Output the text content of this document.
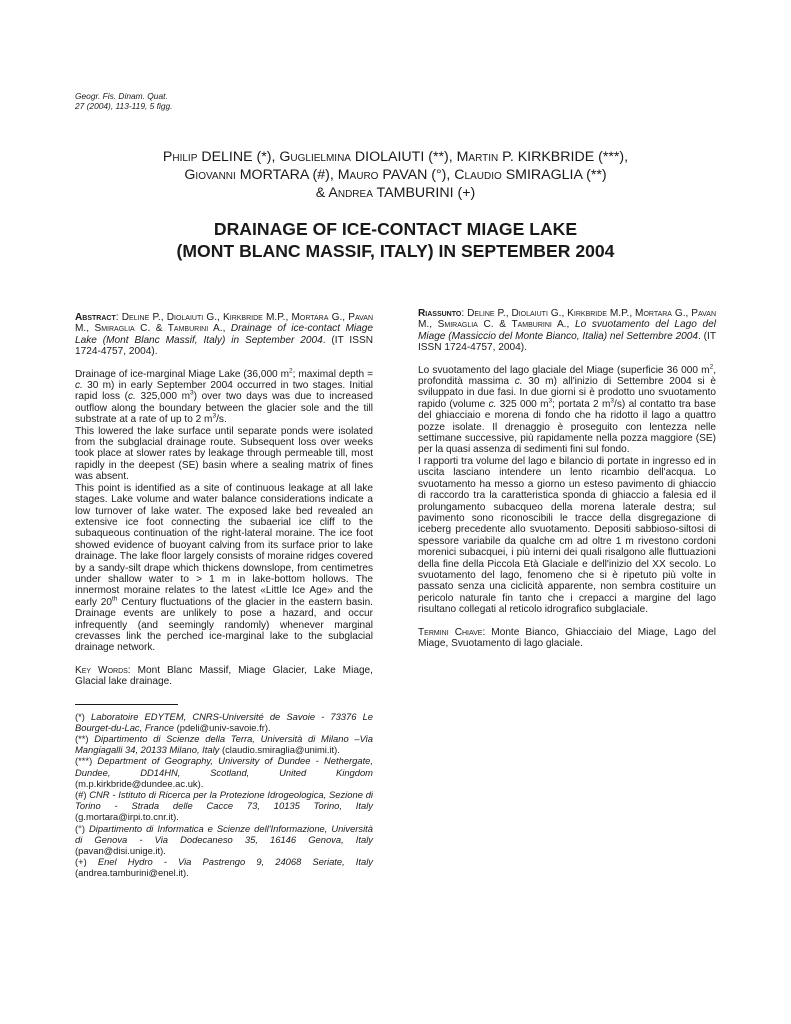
Geogr. Fis. Dinam. Quat.
27 (2004), 113-119, 5 figg.
Philip DELINE (*), Guglielmina DIOLAIUTI (**), Martin P. KIRKBRIDE (***),
Giovanni MORTARA (#), Mauro PAVAN (°), Claudio SMIRAGLIA (**)
& Andrea TAMBURINI (+)
DRAINAGE OF ICE-CONTACT MIAGE LAKE
(MONT BLANC MASSIF, ITALY) IN SEPTEMBER 2004

Abstract: Deline P., Diolaiuti G., Kirkbride M.P., Mortara G., Pavan M., Smiraglia C. & Tamburini A., Drainage of ice-contact Miage Lake (Mont Blanc Massif, Italy) in September 2004. (IT ISSN 1724-4757, 2004).

Drainage of ice-marginal Miage Lake (36,000 $m^2$; maximal depth = c. 30 m) in early September 2004 occurred in two stages. Initial rapid loss (c. 325,000 $m^3$) over two days was due to increased outflow along the boundary between the glacier sole and the till substrate at a rate of up to 2 $m^3/s$.

This lowered the lake surface until separate ponds were isolated from the subglacial drainage route. Subsequent loss over weeks took place at slower rates by leakage through permeable till, most rapidly in the deepest (SE) basin where a sealing matrix of fines was absent.

This point is identified as a site of continuous leakage at all lake stages. Lake volume and water balance considerations indicate a low turnover of lake water. The exposed lake bed revealed an extensive ice foot connecting the subaerial ice cliff to the subaqueous continuation of the right-lateral moraine. The ice foot showed evidence of buoyant calving from its surface prior to lake drainage. The lake floor largely consists of moraine ridges covered by a sandy-silt drape which thickens downslope, from centimetres under shallow water to > 1 m in lake-bottom hollows. The innermost moraine relates to the latest «Little Ice Age» and the early 20th Century fluctuations of the glacier in the eastern basin. Drainage events are unlikely to pose a hazard, and occur infrequently (and seemingly randomly) whenever marginal crevasses link the perched ice-marginal lake to the subglacial drainage network.

Key Words: Mont Blanc Massif, Miage Glacier, Lake Miage, Glacial lake drainage.

(*) Laboratoire EDYTEM, CNRS-Université de Savoie - 73376 Le Bourget-du-Lac, France (pdeli@univ-savoie.fr).

(**) Dipartimento di Scienze della Terra, Università di Milano –Via Mangiagalli 34, 20133 Milano, Italy (claudio.smiraglia@unimi.it).

(***) Department of Geography, University of Dundee - Nethergate, Dundee, DD14HN, Scotland, United Kingdom (m.p.kirkbride@dundee.ac.uk).

(#) CNR - Istituto di Ricerca per la Protezione Idrogeologica, Sezione di Torino - Strada delle Cacce 73, 10135 Torino, Italy (g.mortara@irpi.to.cnr.it).

(°) Dipartimento di Informatica e Scienze dell'Informazione, Università di Genova - Via Dodecaneso 35, 16146 Genova, Italy (pavan@disi.unige.it).

(+) Enel Hydro - Via Pastrengo 9, 24068 Seriate, Italy (andrea.tamburini@enel.it).

Riassunto: Deline P., Diolaiuti G., Kirkbride M.P., Mortara G., Pavan M., Smiraglia C. & Tamburini A., Lo svuotamento del Lago del Miage (Massiccio del Monte Bianco, Italia) nel Settembre 2004. (IT ISSN 1724-4757, 2004).

Lo svuotamento del lago glaciale del Miage (superficie 36 000 $m^2$, profondità massima c. 30 m) all'inizio di Settembre 2004 si è sviluppato in due fasi. In due giorni si è prodotto uno svuotamento rapido (volume c. 325 000 $m^3$; portata 2 $m^3/s$) al contatto tra base del ghiacciaio e morena di fondo che ha ridotto il lago a quattro pozze isolate. Il drenaggio è proseguito con lentezza nelle settimane successive, più rapidamente nella pozza maggiore (SE) per la quasi assenza di sedimenti fini sul fondo.

I rapporti tra volume del lago e bilancio di portate in ingresso ed in uscita lasciano intendere un lento ricambio dell'acqua. Lo svuotamento ha messo a giorno un esteso pavimento di ghiaccio di raccordo tra la caratteristica sponda di ghiaccio a falesia ed il prolungamento subacqueo della morena laterale destra; sul pavimento sono riconoscibili le tracce della disgregazione di iceberg precedente allo svuotamento. Depositi sabbioso-siltosi di spessore variabile da qualche cm ad oltre 1 m rivestono cordoni morenici subacquei, i più interni dei quali risalgono alle fluttuazioni della fine della Piccola Età Glaciale e dell'inizio del XX secolo. Lo svuotamento del lago, fenomeno che si è ripetuto più volte in passato senza una ciclicità apparente, non sembra costituire un pericolo naturale fin tanto che i crepacci a margine del lago risultano collegati al reticolo idrografico subglaciale.

Termini Chiave: Monte Bianco, Ghiacciaio del Miage, Lago del Miage, Svuotamento di lago glaciale.
